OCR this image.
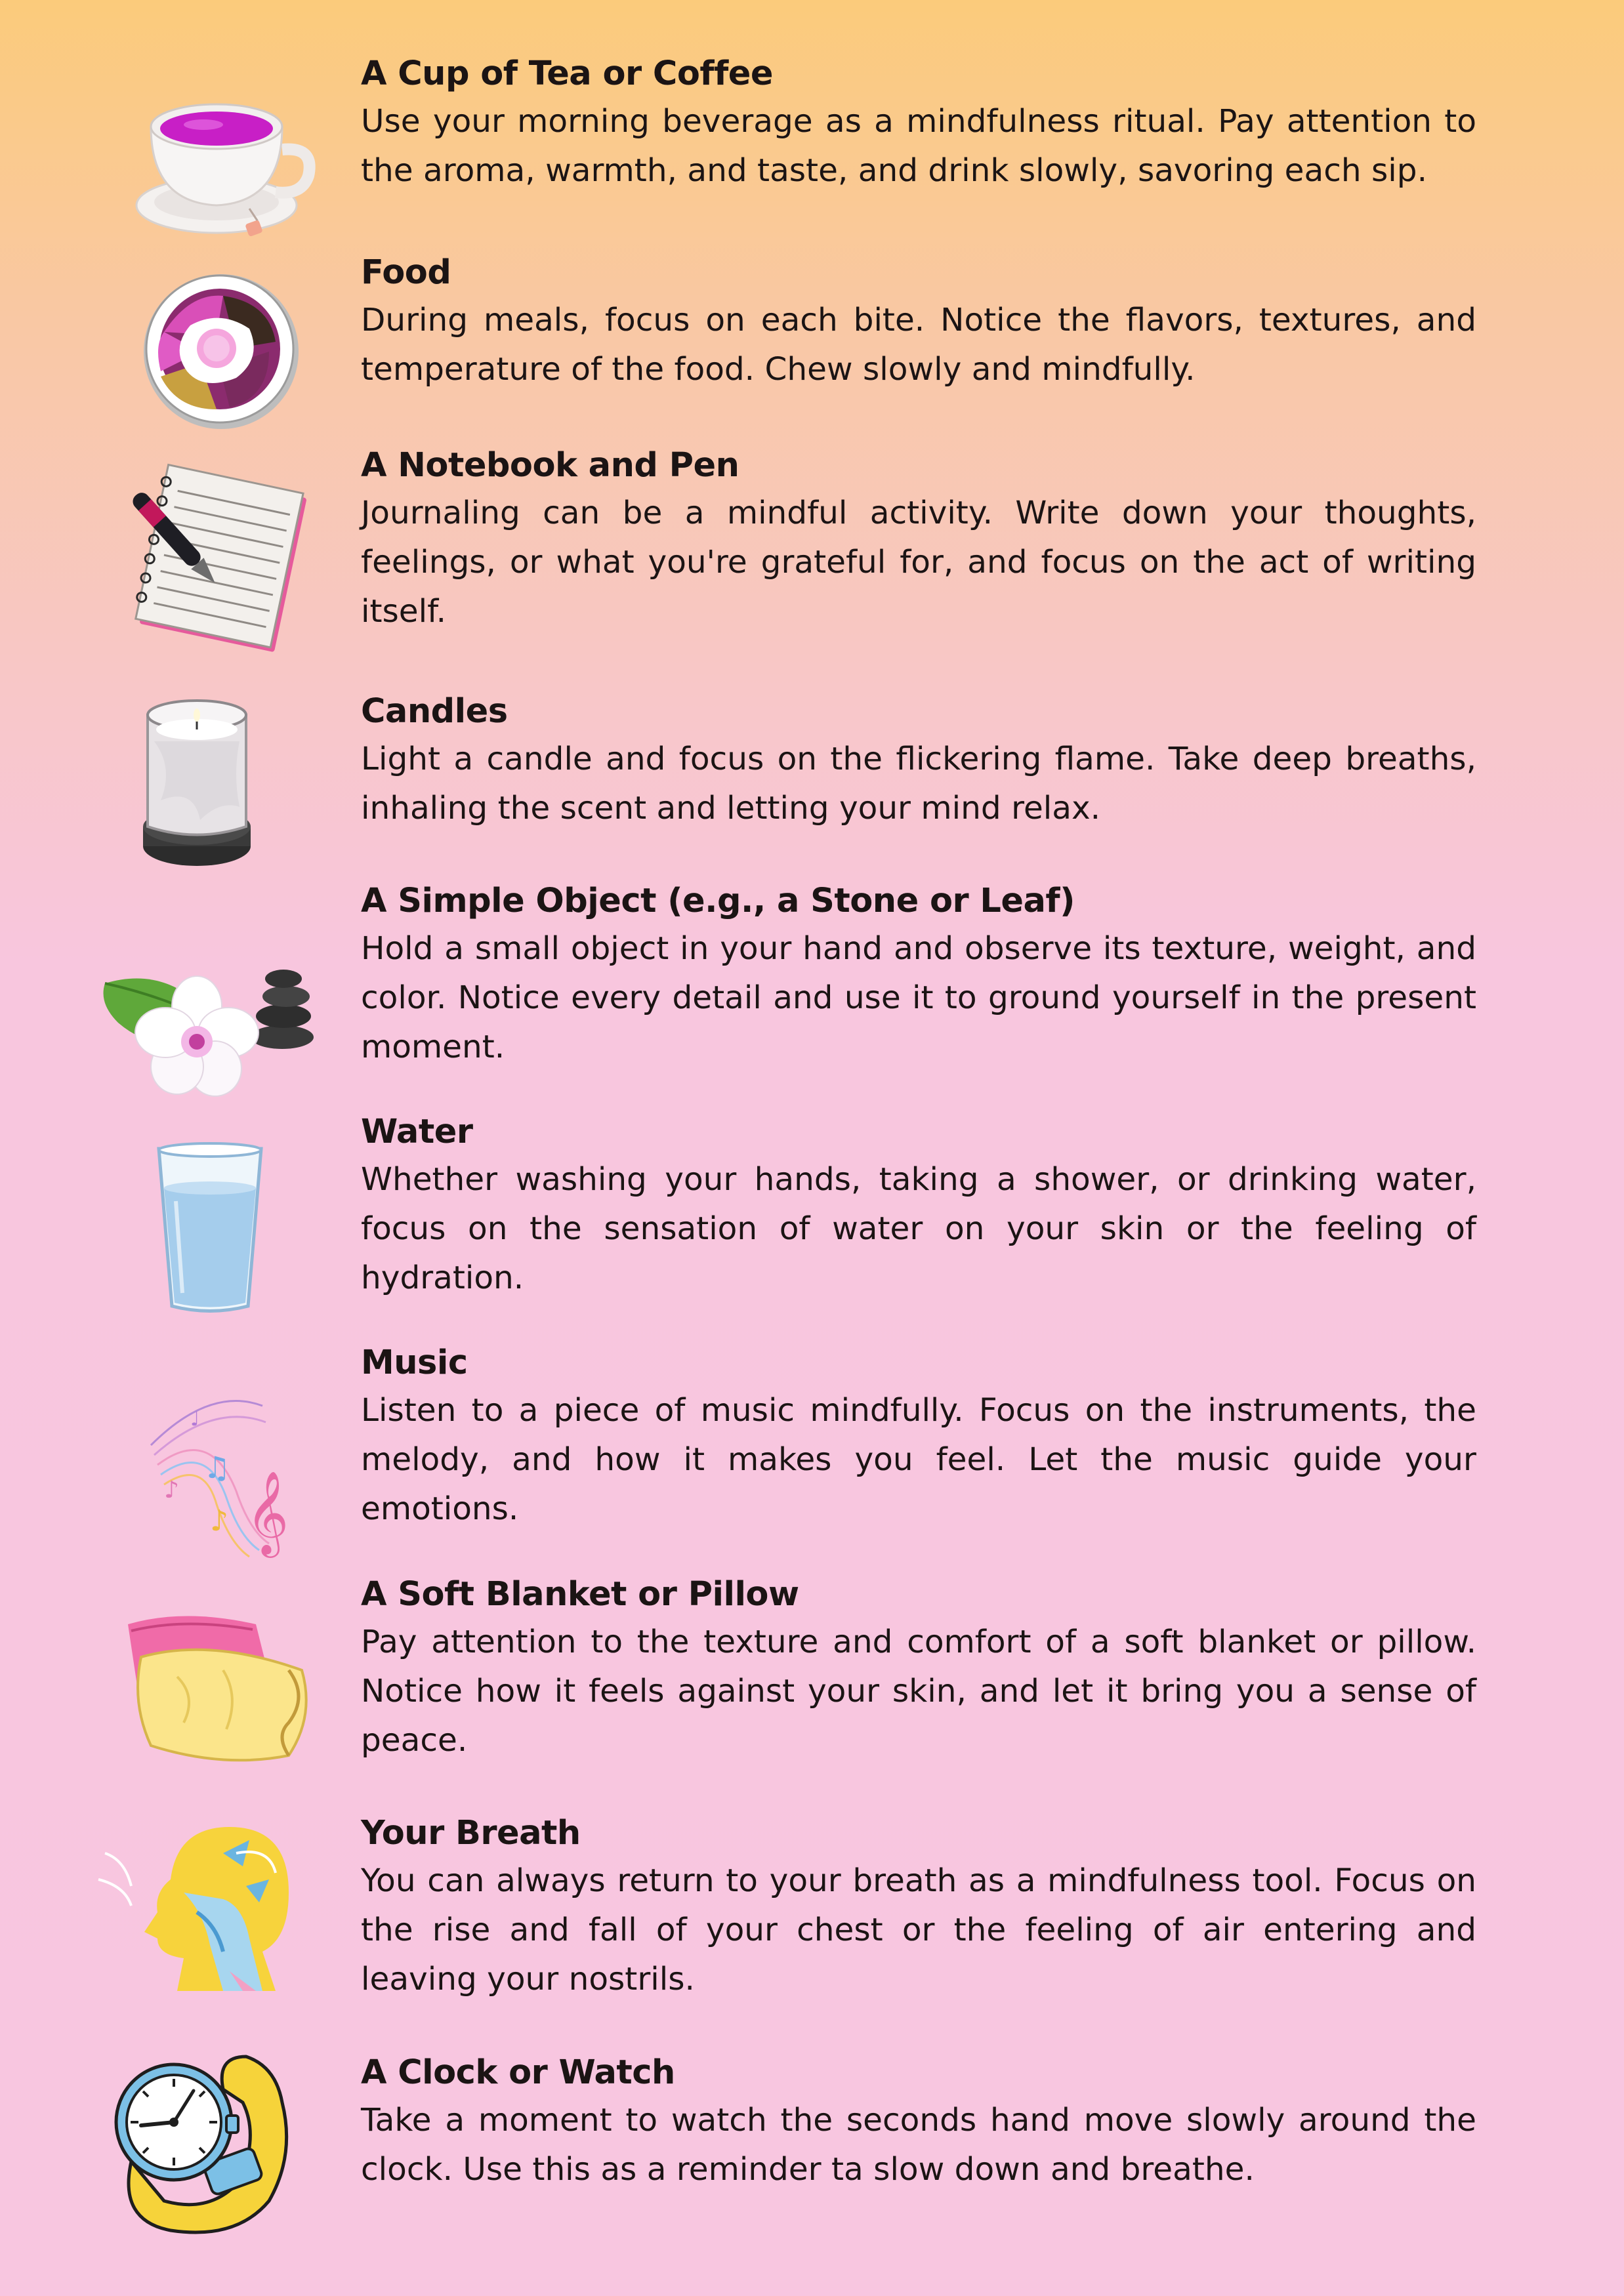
A Cup of Tea or Coffee

Use your morning beverage as a mindfulness ritual. Pay attention to the aroma, warmth, and taste, and drink slowly, savoring each sip.

Food

During meals, focus on each bite. Notice the flavors, textures, and temperature of the food. Chew slowly and mindfully.

A Notebook and Pen

Journaling can be a mindful activity. Write down your thoughts, feelings, or what you're grateful for, and focus on the act of writing itself.

Candles

Light a candle and focus on the flickering flame. Take deep breaths, inhaling the scent and letting your mind relax.

A Simple Object (e.g., a Stone or Leaf)

Hold a small object in your hand and observe its texture, weight, and color. Notice every detail and use it to ground yourself in the present moment.

Water

Whether washing your hands, taking a shower, or drinking water, focus on the sensation of water on your skin or the feeling of hydration.

𝄞
♫
♪
♪
♩

Music

Listen to a piece of music mindfully. Focus on the instruments, the melody, and how it makes you feel. Let the music guide your emotions.

A Soft Blanket or Pillow

Pay attention to the texture and comfort of a soft blanket or pillow. Notice how it feels against your skin, and let it bring you a sense of peace.

Your Breath

You can always return to your breath as a mindfulness tool. Focus on the rise and fall of your chest or the feeling of air entering and leaving your nostrils.

A Clock or Watch

Take a moment to watch the seconds hand move slowly around the clock. Use this as a reminder ta slow down and breathe.
